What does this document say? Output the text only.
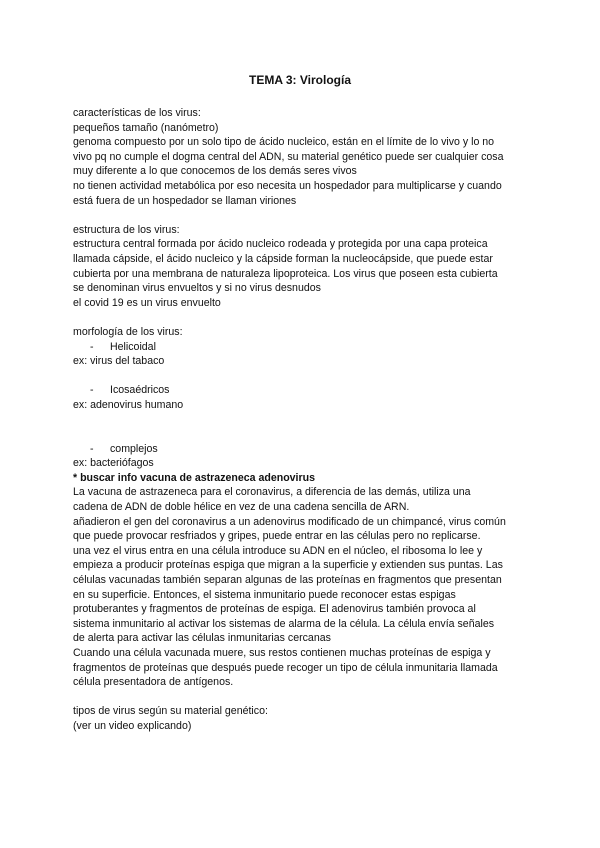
TEMA 3: Virología

características de los virus:

pequeños tamaño (nanómetro)

genoma compuesto por un solo tipo de ácido nucleico, están en el límite de lo vivo y lo no

vivo pq no cumple el dogma central del ADN, su material genético puede ser cualquier cosa

muy diferente a lo que conocemos de los demás seres vivos

no tienen actividad metabólica por eso necesita un hospedador para multiplicarse y cuando

está fuera de un hospedador se llaman viriones

estructura de los virus:

estructura central formada por ácido nucleico rodeada y protegida por una capa proteica

llamada cápside, el ácido nucleico y la cápside forman la nucleocápside, que puede estar

cubierta por una membrana de naturaleza lipoproteica. Los virus que poseen esta cubierta

se denominan virus envueltos y si no virus desnudos

el covid 19 es un virus envuelto

morfología de los virus:

-	Helicoidal

ex: virus del tabaco

-	Icosaédricos

ex: adenovirus humano

-	complejos

ex: bacteriófagos

* buscar info vacuna de astrazeneca adenovirus

La vacuna de astrazeneca para el coronavirus, a diferencia de las demás, utiliza una

cadena de ADN de doble hélice en vez de una cadena sencilla de ARN.

añadieron el gen del coronavirus a un adenovirus modificado de un chimpancé, virus común

que puede provocar resfriados y gripes, puede entrar en las células pero no replicarse.

una vez el virus entra en una célula introduce su ADN en el núcleo, el ribosoma lo lee y

empieza a producir proteínas espiga que migran a la superficie y extienden sus puntas. Las

células vacunadas también separan algunas de las proteínas en fragmentos que presentan

en su superficie. Entonces, el sistema inmunitario puede reconocer estas espigas

protuberantes y fragmentos de proteínas de espiga. El adenovirus también provoca al

sistema inmunitario al activar los sistemas de alarma de la célula. La célula envía señales

de alerta para activar las células inmunitarias cercanas

Cuando una célula vacunada muere, sus restos contienen muchas proteínas de espiga y

fragmentos de proteínas que después puede recoger un tipo de célula inmunitaria llamada

célula presentadora de antígenos.

tipos de virus según su material genético:

(ver un video explicando)
